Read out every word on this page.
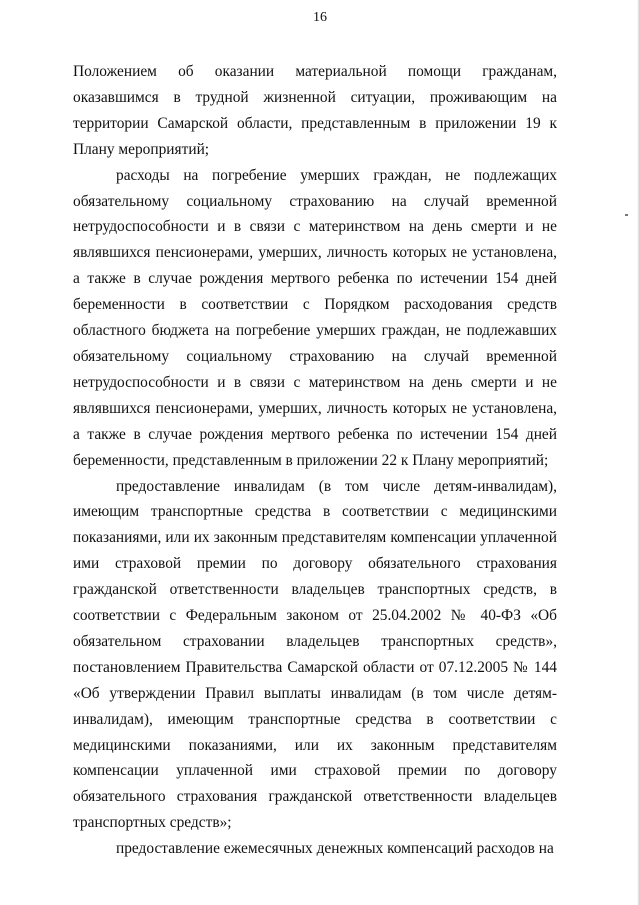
16

Положением об оказании материальной помощи гражданам, оказавшимся в трудной жизненной ситуации, проживающим на территории Самарской области, представленным в приложении 19 к Плану мероприятий;

расходы на погребение умерших граждан, не подлежащих обязательному социальному страхованию на случай временной нетрудоспособности и в связи с материнством на день смерти и не являвшихся пенсионерами, умерших, личность которых не установлена, а также в случае рождения мертвого ребенка по истечении 154 дней беременности в соответствии с Порядком расходования средств областного бюджета на погребение умерших граждан, не подлежавших обязательному социальному страхованию на случай временной нетрудоспособности и в связи с материнством на день смерти и не являвшихся пенсионерами, умерших, личность которых не установлена, а также в случае рождения мертвого ребенка по истечении 154 дней беременности, представленным в приложении 22 к Плану мероприятий;

предоставление инвалидам (в том числе детям-инвалидам), имеющим транспортные средства в соответствии с медицинскими показаниями, или их законным представителям компенсации уплаченной ими страховой премии по договору обязательного страхования гражданской ответственности владельцев транспортных средств, в соответствии с Федеральным законом от 25.04.2002 № 40-ФЗ «Об обязательном страховании владельцев транспортных средств», постановлением Правительства Самарской области от 07.12.2005 № 144 «Об утверждении Правил выплаты инвалидам (в том числе детям-инвалидам), имеющим транспортные средства в соответствии с медицинскими показаниями, или их законным представителям компенсации уплаченной ими страховой премии по договору обязательного страхования гражданской ответственности владельцев транспортных средств»;

предоставление ежемесячных денежных компенсаций расходов на
